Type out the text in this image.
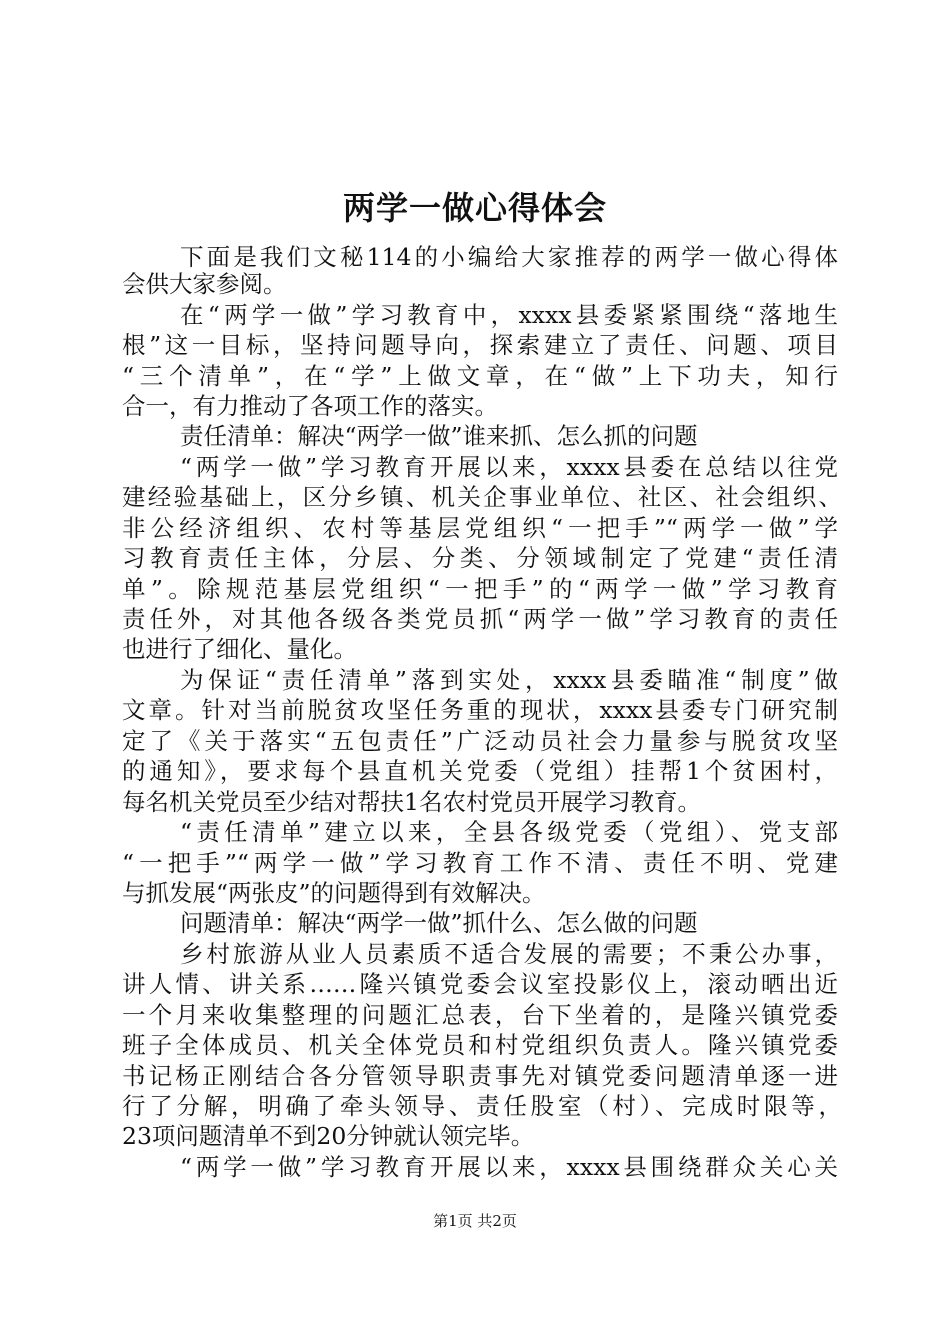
两学一做心得体会
下面是我们文秘114的小编给大家推荐的两学一做心得体
会供大家参阅。
在“两学一做”学习教育中，xxxx县委紧紧围绕“落地生
根”这一目标，坚持问题导向，探索建立了责任、问题、项目
“三个清单”，在“学”上做文章，在“做”上下功夫，知行
合一，有力推动了各项工作的落实。
责任清单：解决“两学一做”谁来抓、怎么抓的问题
“两学一做”学习教育开展以来，xxxx县委在总结以往党
建经验基础上，区分乡镇、机关企事业单位、社区、社会组织、
非公经济组织、农村等基层党组织“一把手”“两学一做”学
习教育责任主体，分层、分类、分领域制定了党建“责任清
单”。除规范基层党组织“一把手”的“两学一做”学习教育
责任外，对其他各级各类党员抓“两学一做”学习教育的责任
也进行了细化、量化。
为保证“责任清单”落到实处，xxxx县委瞄准“制度”做
文章。针对当前脱贫攻坚任务重的现状，xxxx县委专门研究制
定了《关于落实“五包责任”广泛动员社会力量参与脱贫攻坚
的通知》，要求每个县直机关党委（党组）挂帮1个贫困村，
每名机关党员至少结对帮扶1名农村党员开展学习教育。
“责任清单”建立以来，全县各级党委（党组）、党支部
“一把手”“两学一做”学习教育工作不清、责任不明、党建
与抓发展“两张皮”的问题得到有效解决。
问题清单：解决“两学一做”抓什么、怎么做的问题
乡村旅游从业人员素质不适合发展的需要；不秉公办事，
讲人情、讲关系……隆兴镇党委会议室投影仪上，滚动晒出近
一个月来收集整理的问题汇总表，台下坐着的，是隆兴镇党委
班子全体成员、机关全体党员和村党组织负责人。隆兴镇党委
书记杨正刚结合各分管领导职责事先对镇党委问题清单逐一进
行了分解，明确了牵头领导、责任股室（村）、完成时限等，
23项问题清单不到20分钟就认领完毕。
“两学一做”学习教育开展以来，xxxx县围绕群众关心关
第1页 共2页
